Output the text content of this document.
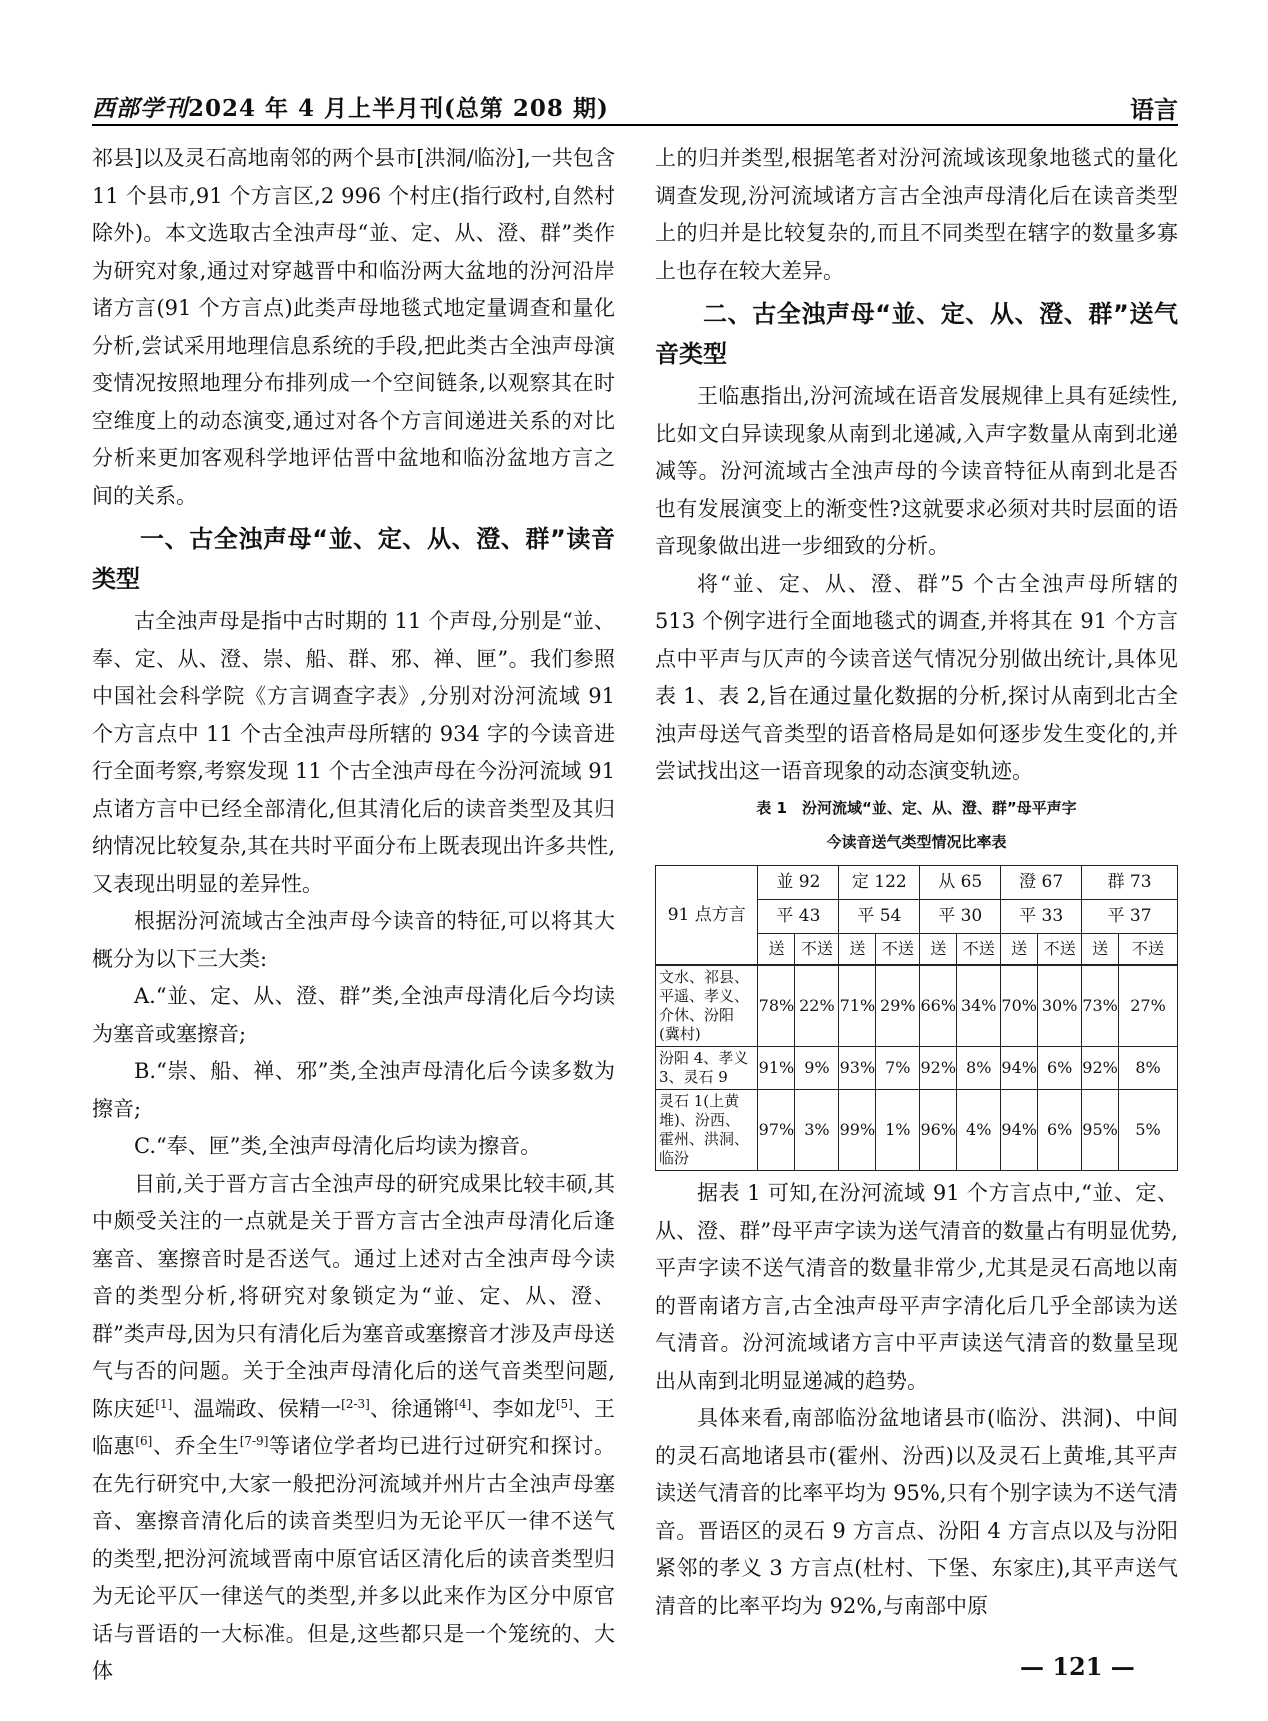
西部学刊2024 年 4 月上半月刊(总第 208 期)	语言

祁县]以及灵石高地南邻的两个县市[洪洞/临汾],一共包含 11 个县市,91 个方言区,2 996 个村庄(指行政村,自然村除外)。本文选取古全浊声母“並、定、从、澄、群”类作为研究对象,通过对穿越晋中和临汾两大盆地的汾河沿岸诸方言(91 个方言点)此类声母地毯式地定量调查和量化分析,尝试采用地理信息系统的手段,把此类古全浊声母演变情况按照地理分布排列成一个空间链条,以观察其在时空维度上的动态演变,通过对各个方言间递进关系的对比分析来更加客观科学地评估晋中盆地和临汾盆地方言之间的关系。

一、古全浊声母“並、定、从、澄、群”读音类型

古全浊声母是指中古时期的 11 个声母,分别是“並、奉、定、从、澄、崇、船、群、邪、禅、匣”。我们参照中国社会科学院《方言调查字表》,分别对汾河流域 91 个方言点中 11 个古全浊声母所辖的 934 字的今读音进行全面考察,考察发现 11 个古全浊声母在今汾河流域 91 点诸方言中已经全部清化,但其清化后的读音类型及其归纳情况比较复杂,其在共时平面分布上既表现出许多共性,又表现出明显的差异性。

根据汾河流域古全浊声母今读音的特征,可以将其大概分为以下三大类:

A.“並、定、从、澄、群”类,全浊声母清化后今均读为塞音或塞擦音;

B.“崇、船、禅、邪”类,全浊声母清化后今读多数为擦音;

C.“奉、匣”类,全浊声母清化后均读为擦音。

目前,关于晋方言古全浊声母的研究成果比较丰硕,其中颇受关注的一点就是关于晋方言古全浊声母清化后逢塞音、塞擦音时是否送气。通过上述对古全浊声母今读音的类型分析,将研究对象锁定为“並、定、从、澄、群”类声母,因为只有清化后为塞音或塞擦音才涉及声母送气与否的问题。关于全浊声母清化后的送气音类型问题,陈庆延[1]、温端政、侯精一[2-3]、徐通锵[4]、李如龙[5]、王临惠[6]、乔全生[7-9]等诸位学者均已进行过研究和探讨。在先行研究中,大家一般把汾河流域并州片古全浊声母塞音、塞擦音清化后的读音类型归为无论平仄一律不送气的类型,把汾河流域晋南中原官话区清化后的读音类型归为无论平仄一律送气的类型,并多以此来作为区分中原官话与晋语的一大标准。但是,这些都只是一个笼统的、大体

上的归并类型,根据笔者对汾河流域该现象地毯式的量化调查发现,汾河流域诸方言古全浊声母清化后在读音类型上的归并是比较复杂的,而且不同类型在辖字的数量多寡上也存在较大差异。

二、古全浊声母“並、定、从、澄、群”送气音类型

王临惠指出,汾河流域在语音发展规律上具有延续性,比如文白异读现象从南到北递减,入声字数量从南到北递减等。汾河流域古全浊声母的今读音特征从南到北是否也有发展演变上的渐变性?这就要求必须对共时层面的语音现象做出进一步细致的分析。

将“並、定、从、澄、群”5 个古全浊声母所辖的 513 个例字进行全面地毯式的调查,并将其在 91 个方言点中平声与仄声的今读音送气情况分别做出统计,具体见表 1、表 2,旨在通过量化数据的分析,探讨从南到北古全浊声母送气音类型的语音格局是如何逐步发生变化的,并尝试找出这一语音现象的动态演变轨迹。

表 1　汾河流域“並、定、从、澄、群”母平声字
今读音送气类型情况比率表
91 点方言	並 92		定 122		从 65		澄 67		群 73	
	平 43		平 54		平 30		平 33		平 37	
	送	不送	送	不送	送	不送	送	不送	送	不送
文水、祁县、平遥、孝义、介休、汾阳(冀村)	78%	22%	71%	29%	66%	34%	70%	30%	73%	27%
汾阳 4、孝义 3、灵石 9	91%	9%	93%	7%	92%	8%	94%	6%	92%	8%
灵石 1(上黄堆)、汾西、霍州、洪洞、临汾	97%	3%	99%	1%	96%	4%	94%	6%	95%	5%

据表 1 可知,在汾河流域 91 个方言点中,“並、定、从、澄、群”母平声字读为送气清音的数量占有明显优势,平声字读不送气清音的数量非常少,尤其是灵石高地以南的晋南诸方言,古全浊声母平声字清化后几乎全部读为送气清音。汾河流域诸方言中平声读送气清音的数量呈现出从南到北明显递减的趋势。

具体来看,南部临汾盆地诸县市(临汾、洪洞)、中间的灵石高地诸县市(霍州、汾西)以及灵石上黄堆,其平声读送气清音的比率平均为 95%,只有个别字读为不送气清音。晋语区的灵石 9 方言点、汾阳 4 方言点以及与汾阳紧邻的孝义 3 方言点(杜村、下堡、东家庄),其平声送气清音的比率平均为 92%,与南部中原

— 121 —
